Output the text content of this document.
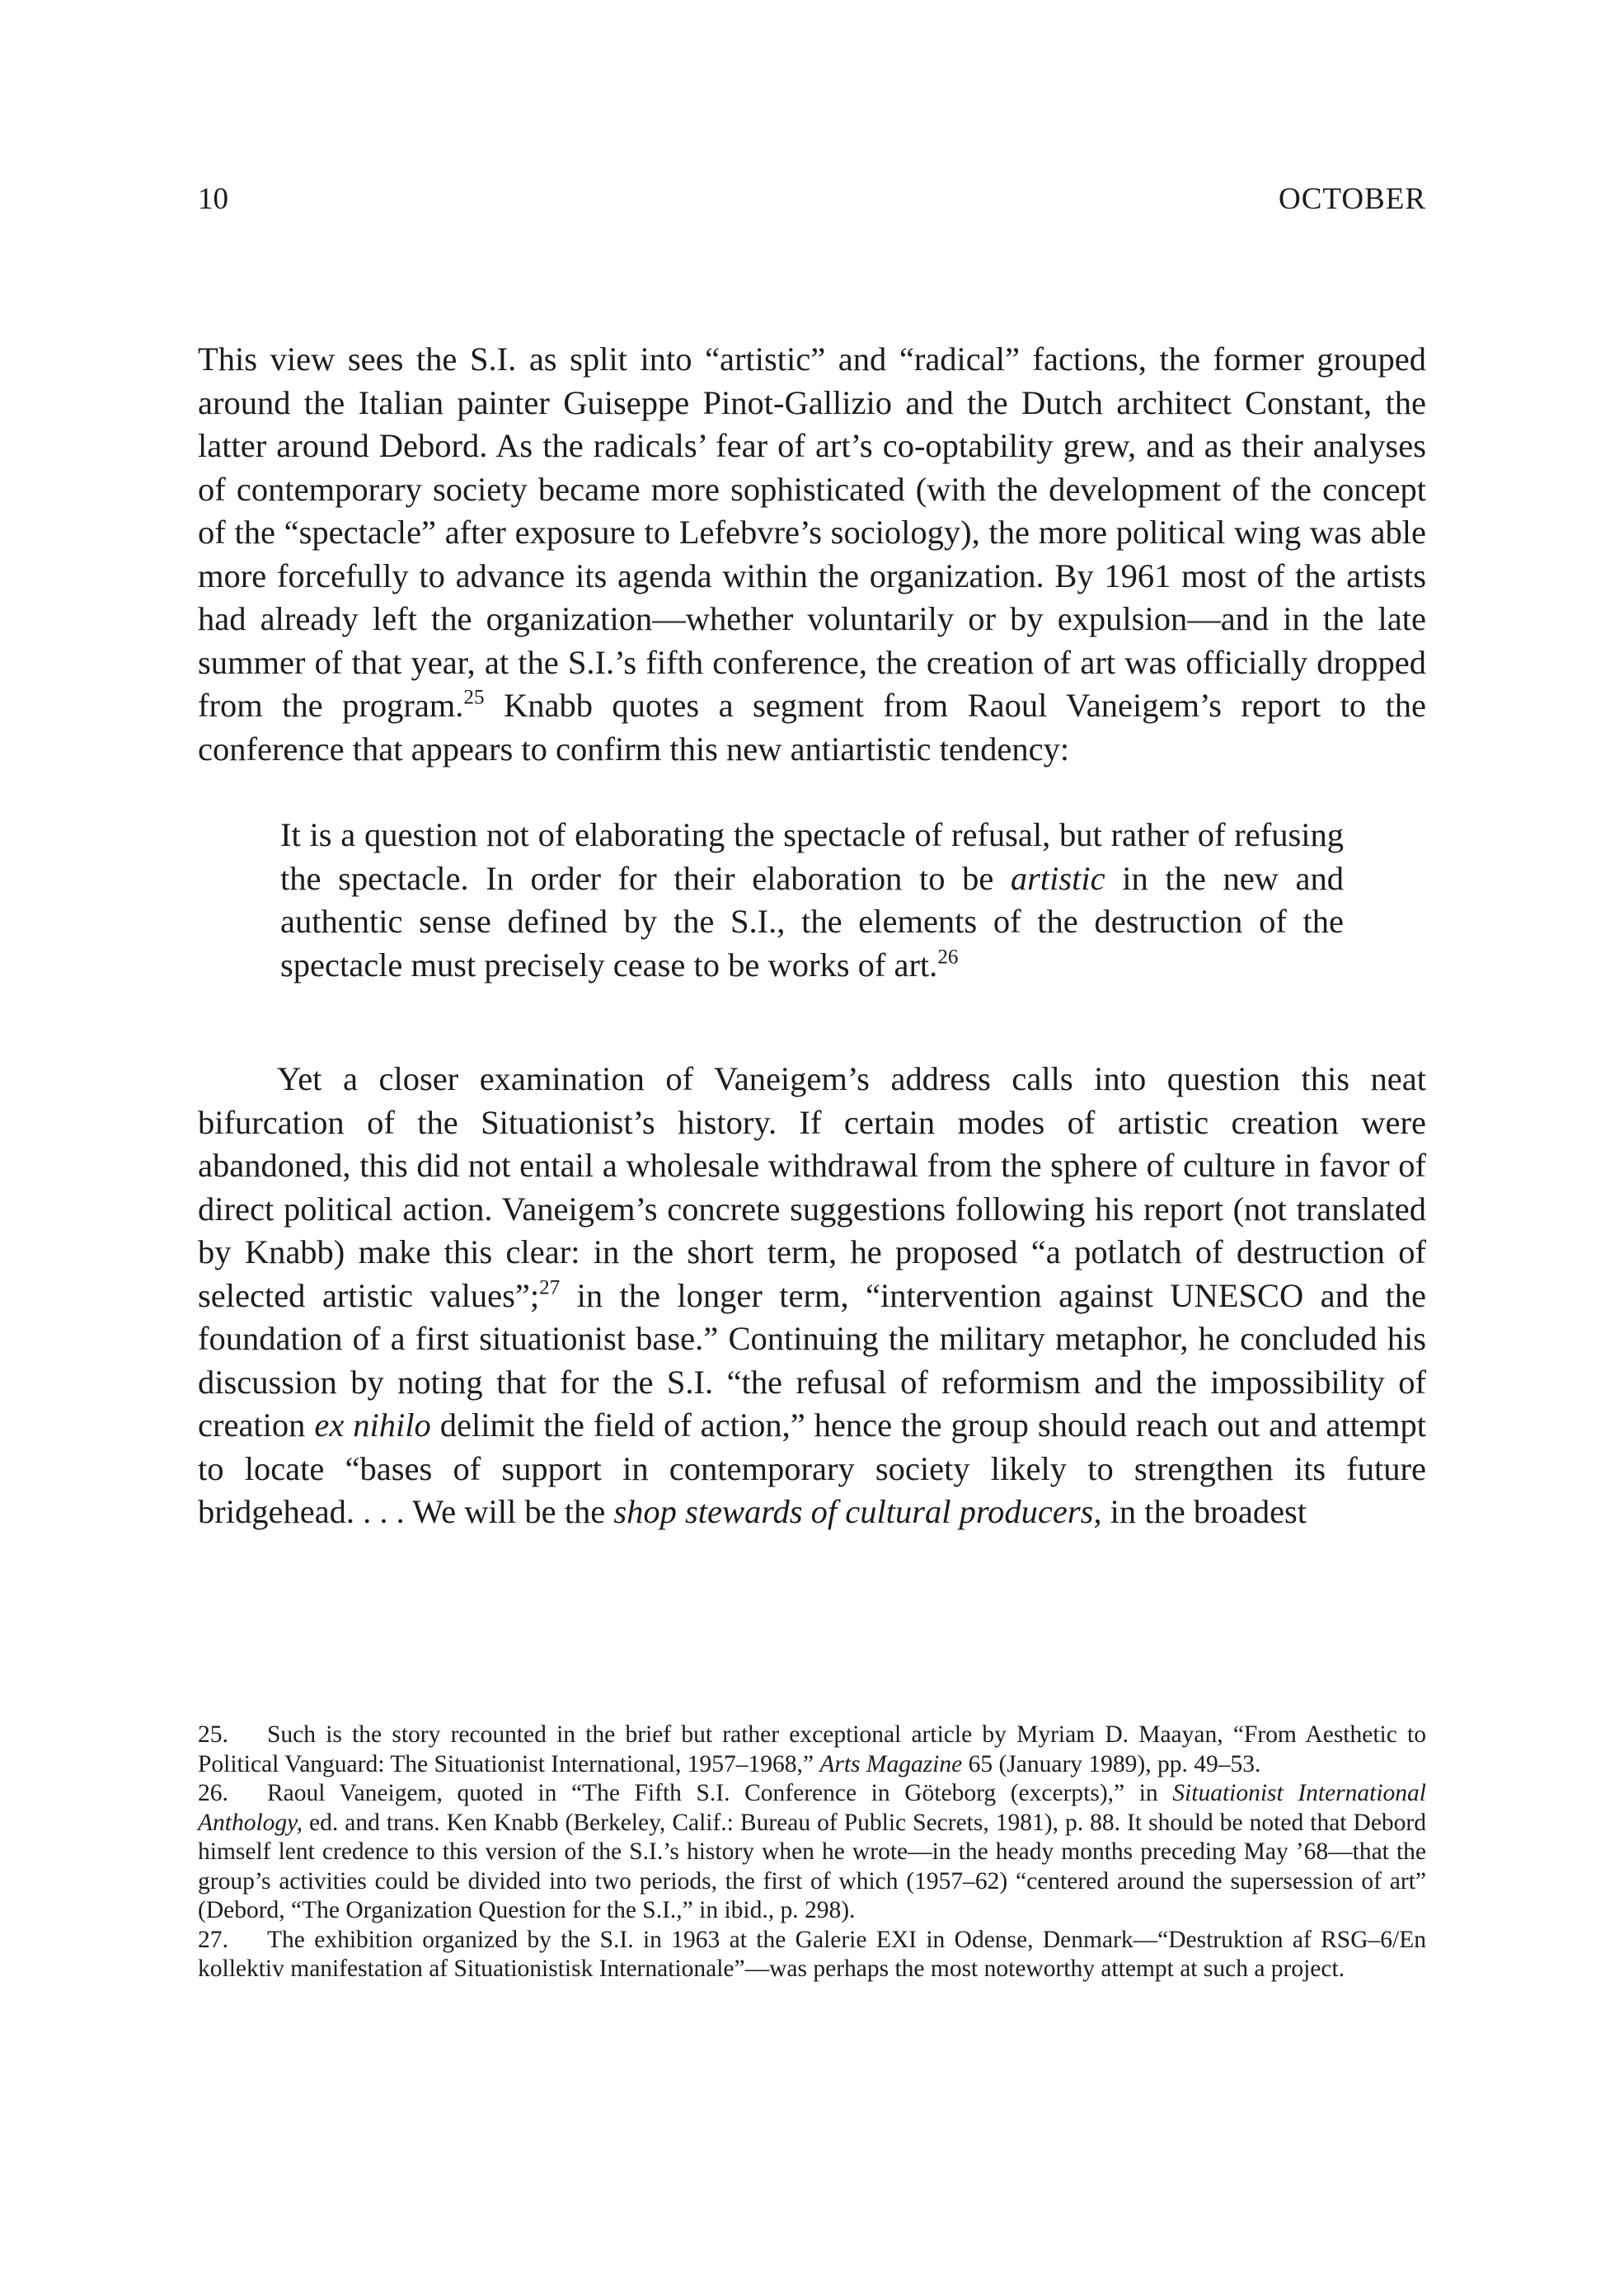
10	OCTOBER

This view sees the S.I. as split into “artistic” and “radical” factions, the former grouped around the Italian painter Guiseppe Pinot-Gallizio and the Dutch architect Constant, the latter around Debord. As the radicals’ fear of art’s co-optability grew, and as their analyses of contemporary society became more sophisticated (with the development of the concept of the “spectacle” after exposure to Lefebvre’s sociology), the more political wing was able more forcefully to advance its agenda within the organization. By 1961 most of the artists had already left the organization—whether voluntarily or by expulsion—and in the late summer of that year, at the S.I.’s fifth conference, the creation of art was officially dropped from the program.$^{25}$ Knabb quotes a segment from Raoul Vaneigem’s report to the conference that appears to confirm this new antiartistic tendency:

It is a question not of elaborating the spectacle of refusal, but rather of refusing the spectacle. In order for their elaboration to be artistic in the new and authentic sense defined by the S.I., the elements of the destruction of the spectacle must precisely cease to be works of art.$^{26}$

Yet a closer examination of Vaneigem’s address calls into question this neat bifurcation of the Situationist’s history. If certain modes of artistic creation were abandoned, this did not entail a wholesale withdrawal from the sphere of culture in favor of direct political action. Vaneigem’s concrete suggestions following his report (not translated by Knabb) make this clear: in the short term, he proposed “a potlatch of destruction of selected artistic values”;$^{27}$ in the longer term, “intervention against UNESCO and the foundation of a first situationist base.” Continuing the military metaphor, he concluded his discussion by noting that for the S.I. “the refusal of reformism and the impossibility of creation ex nihilo delimit the field of action,” hence the group should reach out and attempt to locate “bases of support in contemporary society likely to strengthen its future bridgehead. . . . We will be the shop stewards of cultural producers, in the broadest

25. Such is the story recounted in the brief but rather exceptional article by Myriam D. Maayan, “From Aesthetic to Political Vanguard: The Situationist International, 1957–1968,” Arts Magazine 65 (January 1989), pp. 49–53.

26. Raoul Vaneigem, quoted in “The Fifth S.I. Conference in Göteborg (excerpts),” in Situationist International Anthology, ed. and trans. Ken Knabb (Berkeley, Calif.: Bureau of Public Secrets, 1981), p. 88. It should be noted that Debord himself lent credence to this version of the S.I.’s history when he wrote—in the heady months preceding May ’68—that the group’s activities could be divided into two periods, the first of which (1957–62) “centered around the supersession of art” (Debord, “The Organization Question for the S.I.,” in ibid., p. 298).

27. The exhibition organized by the S.I. in 1963 at the Galerie EXI in Odense, Denmark—“Destruktion af RSG–6/En kollektiv manifestation af Situationistisk Internationale”—was perhaps the most noteworthy attempt at such a project.
